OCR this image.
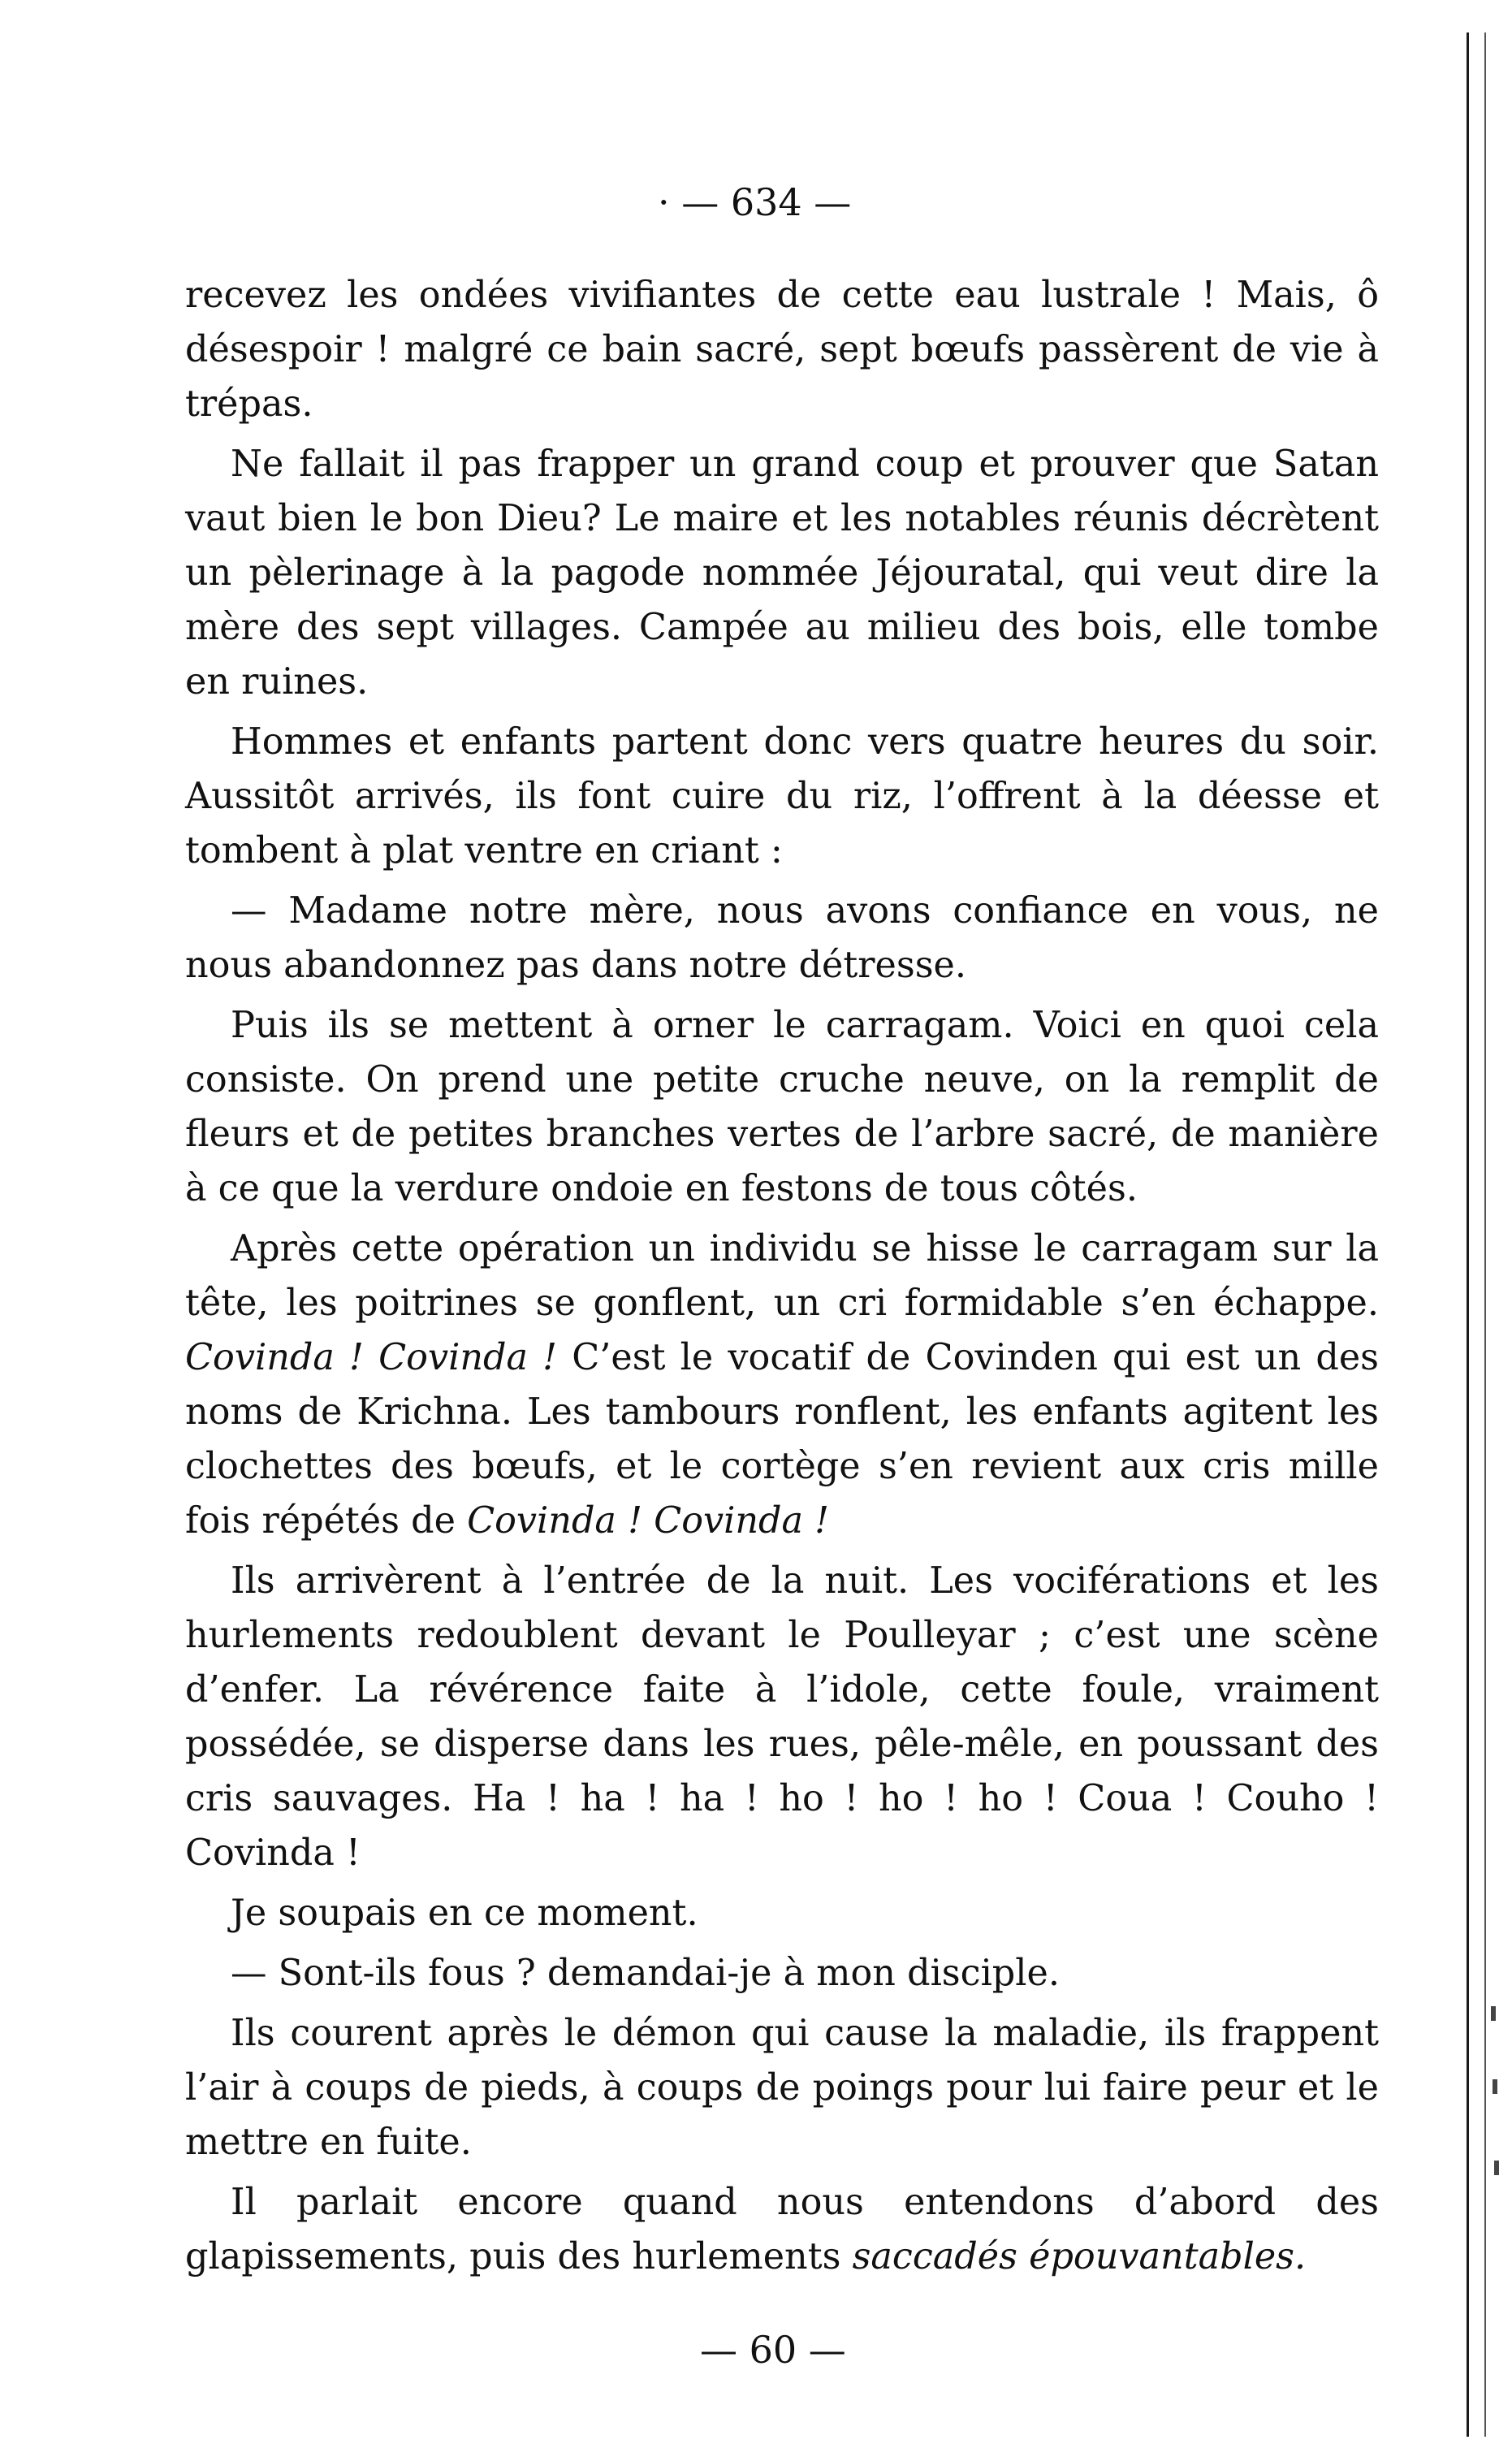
· — 634 —

recevez les ondées vivifiantes de cette eau lustrale ! Mais, ô désespoir ! malgré ce bain sacré, sept bœufs passèrent de vie à trépas.

Ne fallait il pas frapper un grand coup et prouver que Satan vaut bien le bon Dieu? Le maire et les notables réunis décrètent un pèlerinage à la pagode nommée Jéjouratal, qui veut dire la mère des sept villages. Campée au milieu des bois, elle tombe en ruines.

Hommes et enfants partent donc vers quatre heures du soir. Aussitôt arrivés, ils font cuire du riz, l’offrent à la déesse et tombent à plat ventre en criant :

— Madame notre mère, nous avons confiance en vous, ne nous abandonnez pas dans notre détresse.

Puis ils se mettent à orner le carragam. Voici en quoi cela consiste. On prend une petite cruche neuve, on la remplit de fleurs et de petites branches vertes de l’arbre sacré, de manière à ce que la verdure ondoie en festons de tous côtés.

Après cette opération un individu se hisse le carragam sur la tête, les poitrines se gonflent, un cri formidable s’en échappe. Covinda ! Covinda ! C’est le vocatif de Covinden qui est un des noms de Krichna. Les tambours ronflent, les enfants agitent les clochettes des bœufs, et le cortège s’en revient aux cris mille fois répétés de Covinda ! Covinda !

Ils arrivèrent à l’entrée de la nuit. Les vociférations et les hurlements redoublent devant le Poulleyar ; c’est une scène d’enfer. La révérence faite à l’idole, cette foule, vraiment possédée, se disperse dans les rues, pêle-mêle, en poussant des cris sauvages. Ha ! ha ! ha ! ho ! ho ! ho ! Coua ! Couho ! Covinda !

Je soupais en ce moment.

— Sont-ils fous ? demandai-je à mon disciple.

Ils courent après le démon qui cause la maladie, ils frappent l’air à coups de pieds, à coups de poings pour lui faire peur et le mettre en fuite.

Il parlait encore quand nous entendons d’abord des glapissements, puis des hurlements saccadés épouvantables.

— 60 —
